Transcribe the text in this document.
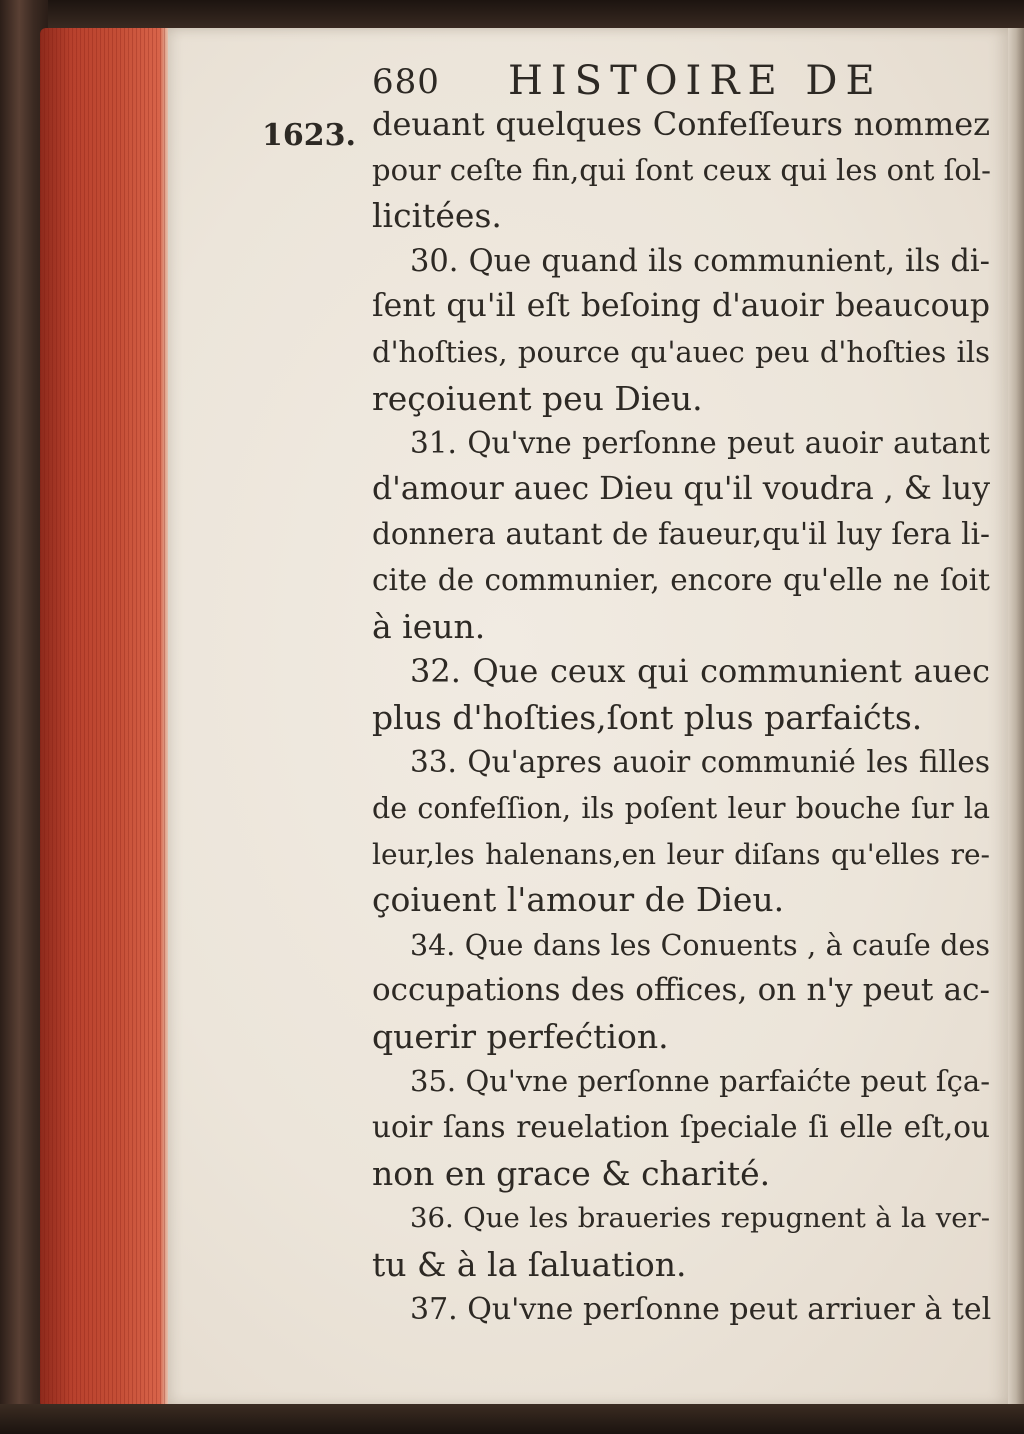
680 HISTOIRE DE
1623. deuant quelques Confeſſeurs nommez
pour ceſte fin,qui ſont ceux qui les ont ſol-
licitées.
30. Que quand ils communient, ils di-
ſent qu'il eſt beſoing d'auoir beaucoup
d'hoſties, pource qu'auec peu d'hoſties ils
reçoiuent peu Dieu.
31. Qu'vne perſonne peut auoir autant
d'amour auec Dieu qu'il voudra , & luy
donnera autant de faueur,qu'il luy ſera li-
cite de communier, encore qu'elle ne ſoit
à ieun.
32. Que ceux qui communient auec
plus d'hoſties,ſont plus parfaićts.
33. Qu'apres auoir communié les filles
de confeſſion, ils poſent leur bouche ſur la
leur,les halenans,en leur diſans qu'elles re-
çoiuent l'amour de Dieu.
34. Que dans les Conuents , à cauſe des
occupations des offices, on n'y peut ac-
querir perfećtion.
35. Qu'vne perſonne parfaićte peut ſça-
uoir ſans reuelation ſpeciale ſi elle eſt,ou
non en grace & charité.
36. Que les braueries repugnent à la ver-
tu & à la ſaluation.
37. Qu'vne perſonne peut arriuer à tel
